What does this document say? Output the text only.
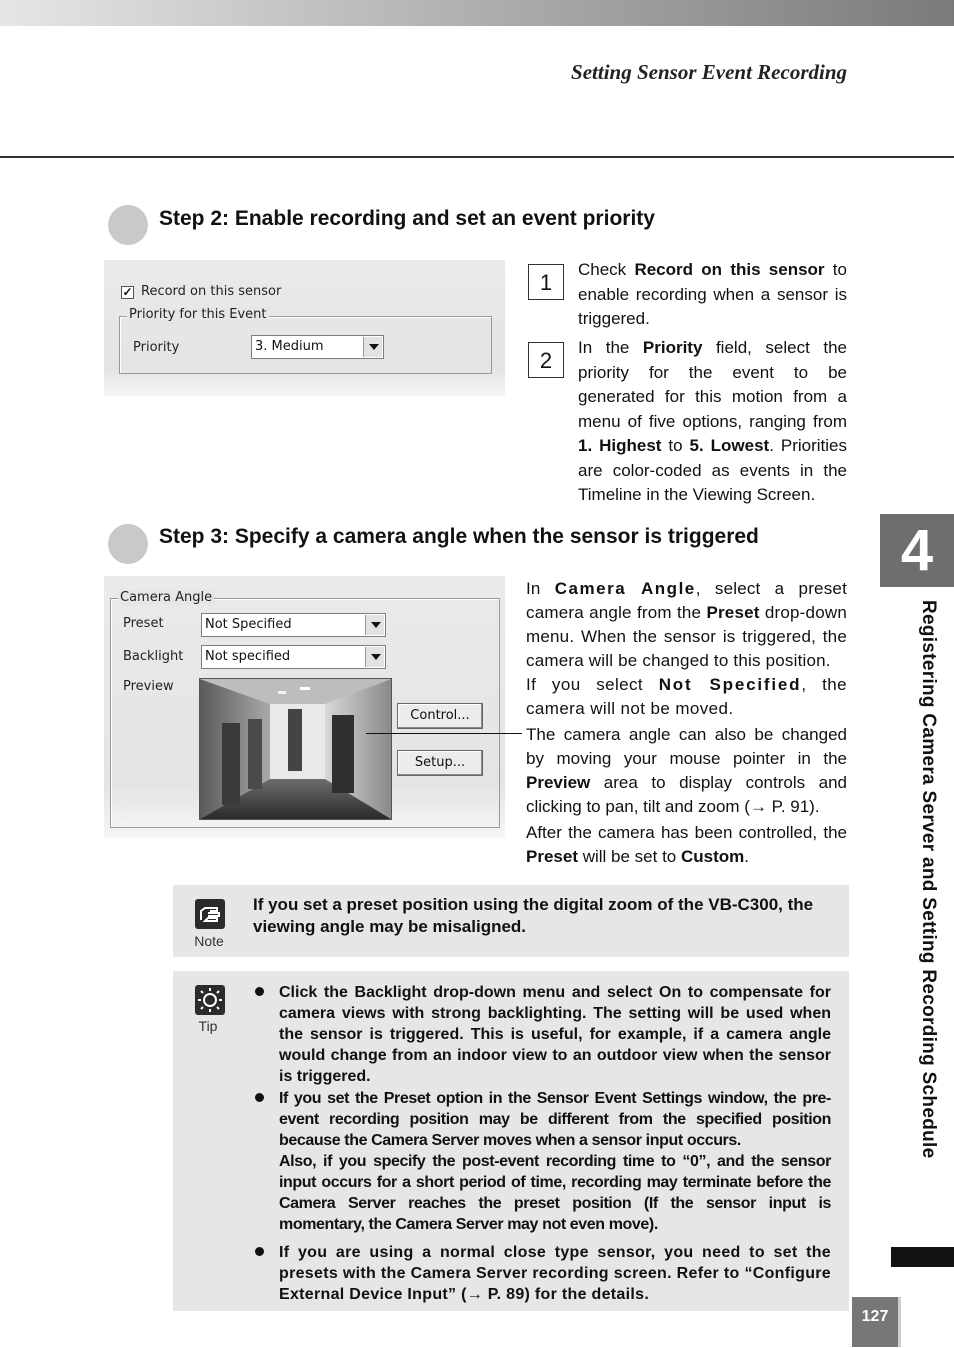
Setting Sensor Event Recording
Step 2: Enable recording and set an event priority
✓ Record on this sensor
Priority for this Event
Priority	3. Medium
1
Check Record on this sensor to enable recording when a sensor is triggered.
2
In the Priority field, select the priority for the event to be generated for this motion from a menu of five options, ranging from 1. Highest to 5. Lowest. Priorities are color-coded as events in the Timeline in the Viewing Screen.
Step 3: Specify a camera angle when the sensor is triggered
Camera Angle
Preset	Not Specified
Backlight	Not specified
Preview
Control...
Setup...
In Camera Angle, select a preset camera angle from the Preset drop-down menu. When the sensor is triggered, the camera will be changed to this position.
If you select Not Specified, the camera will not be moved.
The camera angle can also be changed by moving your mouse pointer in the Preview area to display controls and clicking to pan, tilt and zoom (→ P. 91).
After the camera has been controlled, the Preset will be set to Custom.
Note
If you set a preset position using the digital zoom of the VB-C300, the viewing angle may be misaligned.
Tip
Click the Backlight drop-down menu and select On to compensate for camera views with strong backlighting. The setting will be used when the sensor is triggered. This is useful, for example, if a camera angle would change from an indoor view to an outdoor view when the sensor is triggered.
If you set the Preset option in the Sensor Event Settings window, the pre-event recording position may be different from the specified position because the Camera Server moves when a sensor input occurs.
Also, if you specify the post-event recording time to “0”, and the sensor input occurs for a short period of time, recording may terminate before the Camera Server reaches the preset position (If the sensor input is momentary, the Camera Server may not even move).
If you are using a normal close type sensor, you need to set the presets with the Camera Server recording screen. Refer to “Configure External Device Input” (→ P. 89) for the details.
4
Registering Camera Server and Setting Recording Schedule
127
